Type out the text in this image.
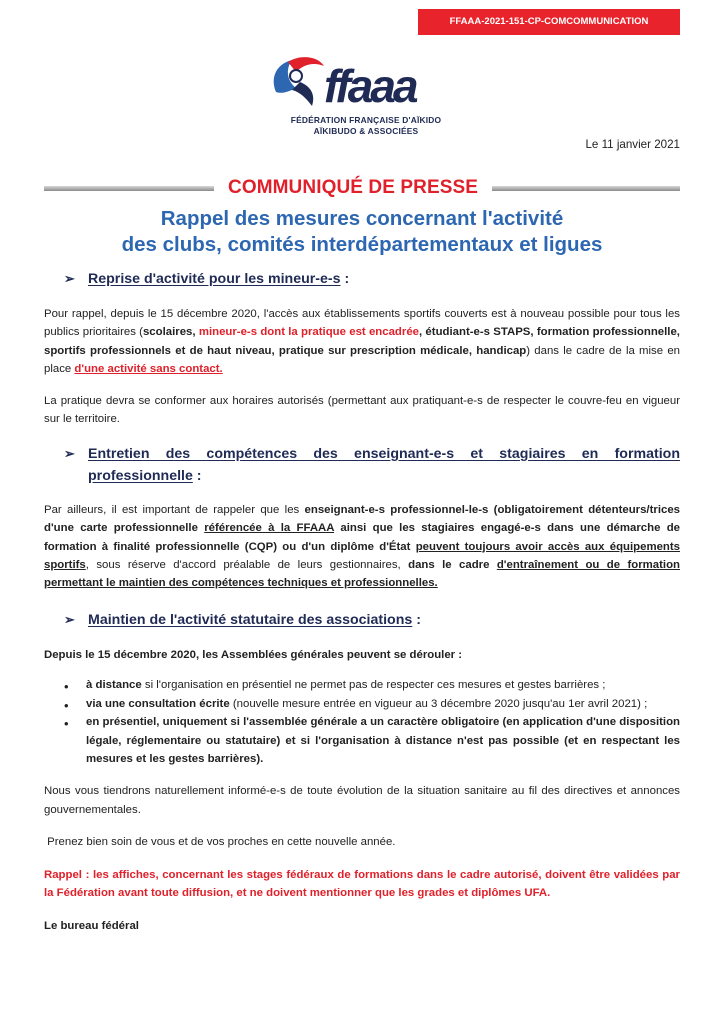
FFAAA-2021-151-CP-COMCOMMUNICATION
ffaaa
FÉDÉRATION FRANÇAISE D'AÏKIDO
AÏKIBUDO & ASSOCIÉES
Le 11 janvier 2021
COMMUNIQUÉ DE PRESSE
Rappel des mesures concernant l'activité
des clubs, comités interdépartementaux et ligues
➢ Reprise d'activité pour les mineur-e-s :

Pour rappel, depuis le 15 décembre 2020, l'accès aux établissements sportifs couverts est à nouveau possible pour tous les publics prioritaires (scolaires, mineur-e-s dont la pratique est encadrée, étudiant-e-s STAPS, formation professionnelle, sportifs professionnels et de haut niveau, pratique sur prescription médicale, handicap) dans le cadre de la mise en place d'une activité sans contact.

La pratique devra se conformer aux horaires autorisés (permettant aux pratiquant-e-s de respecter le couvre-feu en vigueur sur le territoire.

➢ Entretien des compétences des enseignant-e-s et stagiaires en formation professionnelle :

Par ailleurs, il est important de rappeler que les enseignant-e-s professionnel-le-s (obligatoirement détenteurs/trices d'une carte professionnelle référencée à la FFAAA ainsi que les stagiaires engagé-e-s dans une démarche de formation à finalité professionnelle (CQP) ou d'un diplôme d'État peuvent toujours avoir accès aux équipements sportifs, sous réserve d'accord préalable de leurs gestionnaires, dans le cadre d'entraînement ou de formation permettant le maintien des compétences techniques et professionnelles.

➢ Maintien de l'activité statutaire des associations :

Depuis le 15 décembre 2020, les Assemblées générales peuvent se dérouler :

• à distance si l'organisation en présentiel ne permet pas de respecter ces mesures et gestes barrières ;
• via une consultation écrite (nouvelle mesure entrée en vigueur au 3 décembre 2020 jusqu'au 1er avril 2021) ;
• en présentiel, uniquement si l'assemblée générale a un caractère obligatoire (en application d'une disposition légale, réglementaire ou statutaire) et si l'organisation à distance n'est pas possible (et en respectant les mesures et les gestes barrières).

Nous vous tiendrons naturellement informé-e-s de toute évolution de la situation sanitaire au fil des directives et annonces gouvernementales.

Prenez bien soin de vous et de vos proches en cette nouvelle année.

Rappel : les affiches, concernant les stages fédéraux de formations dans le cadre autorisé, doivent être validées par la Fédération avant toute diffusion, et ne doivent mentionner que les grades et diplômes UFA.

Le bureau fédéral
